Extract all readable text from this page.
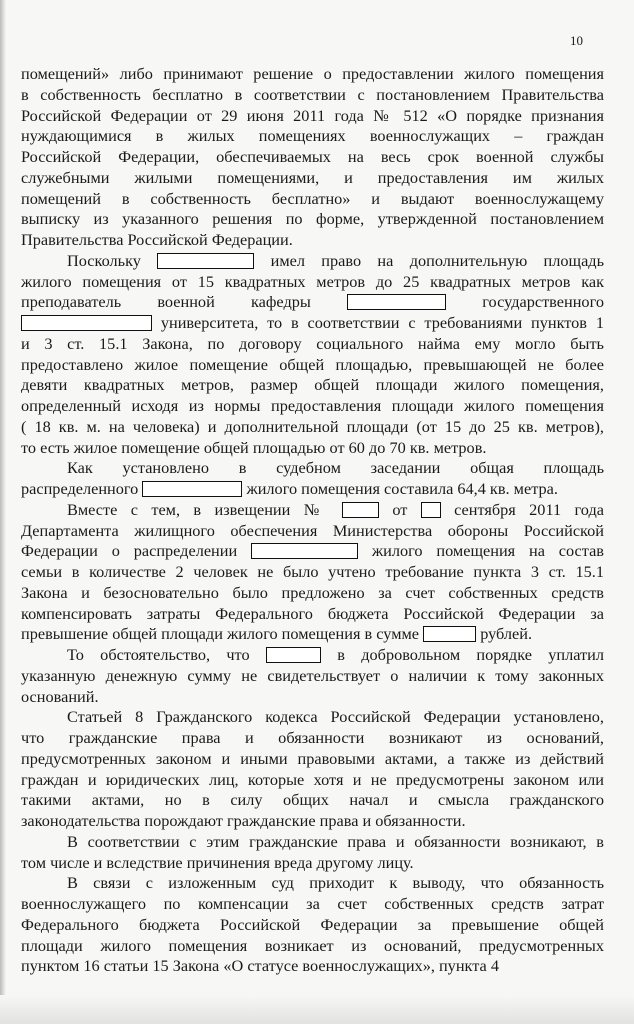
10
помещений» либо принимают решение о предоставлении жилого помещения
в собственность бесплатно в соответствии с постановлением Правительства
Российской Федерации от 29 июня 2011 года № 512 «О порядке признания
нуждающимися в жилых помещениях военнослужащих – граждан
Российской Федерации, обеспечиваемых на весь срок военной службы
служебными жилыми помещениями, и предоставления им жилых
помещений в собственность бесплатно» и выдают военнослужащему
выписку из указанного решения по форме, утвержденной постановлением
Правительства Российской Федерации.
Поскольку	имел право на дополнительную площадь
жилого помещения от 15 квадратных метров до 25 квадратных метров как
преподаватель военной кафедры	государственного
университета, то в соответствии с требованиями пунктов 1
и 3 ст. 15.1 Закона, по договору социального найма ему могло быть
предоставлено жилое помещение общей площадью, превышающей не более
девяти квадратных метров, размер общей площади жилого помещения,
определенный исходя из нормы предоставления площади жилого помещения
( 18 кв. м. на человека) и дополнительной площади (от 15 до 25 кв. метров),
то есть жилое помещение общей площадью от 60 до 70 кв. метров.
Как установлено в судебном заседании общая площадь
распределенного	жилого помещения составила 64,4 кв. метра.
Вместе с тем, в извещении №	от	сентября 2011 года
Департамента жилищного обеспечения Министерства обороны Российской
Федерации о распределении	жилого помещения на состав
семьи в количестве 2 человек не было учтено требование пункта 3 ст. 15.1
Закона и безосновательно было предложено за счет собственных средств
компенсировать затраты Федерального бюджета Российской Федерации за
превышение общей площади жилого помещения в сумме	рублей.
То обстоятельство, что	в добровольном порядке уплатил
указанную денежную сумму не свидетельствует о наличии к тому законных
оснований.
Статьей 8 Гражданского кодекса Российской Федерации установлено,
что гражданские права и обязанности возникают из оснований,
предусмотренных законом и иными правовыми актами, а также из действий
граждан и юридических лиц, которые хотя и не предусмотрены законом или
такими актами, но в силу общих начал и смысла гражданского
законодательства порождают гражданские права и обязанности.
В соответствии с этим гражданские права и обязанности возникают, в
том числе и вследствие причинения вреда другому лицу.
В связи с изложенным суд приходит к выводу, что обязанность
военнослужащего по компенсации за счет собственных средств затрат
Федерального бюджета Российской Федерации за превышение общей
площади жилого помещения возникает из оснований, предусмотренных
пунктом 16 статьи 15 Закона «О статусе военнослужащих», пункта 4
